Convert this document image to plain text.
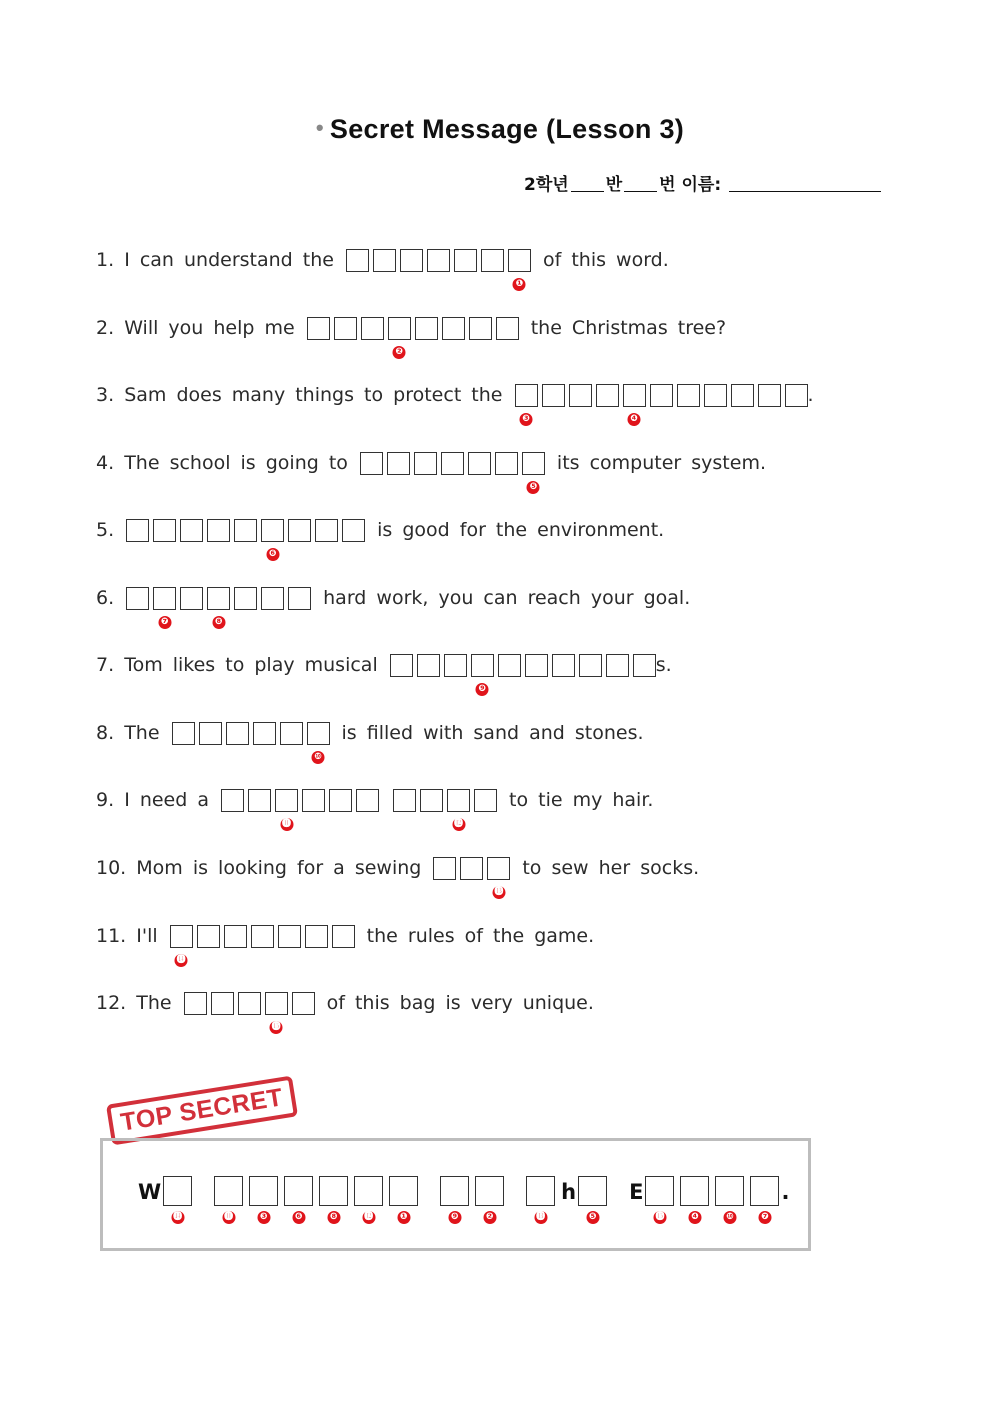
• Secret Message (Lesson 3)
2학년 반 번 이름:
1.
I can understand the
❶
of this word.
2.
Will you help me
❷
the Christmas tree?
3.
Sam does many things to protect the
❸	❹
.
4.
The school is going to
❺
its computer system.
5.
❻
is good for the environment.
6.
❼	❽
hard work, you can reach your goal.
7.
Tom likes to play musical
❾
s.
8.
The
❿
is filled with sand and stones.
9.
I need a
⓫	⓬
to tie my hair.
10.
Mom is looking for a sewing
⓭
to sew her socks.
11.
I'll
⓮
the rules of the game.
12.
The
⓯
of this bag is very unique.
TOP SECRET
W
⓮	⓫	❸	❻	❽	⓬	❶	❾	❷	⓭
h
❺
E
⓯	❹	❿	❼
.
